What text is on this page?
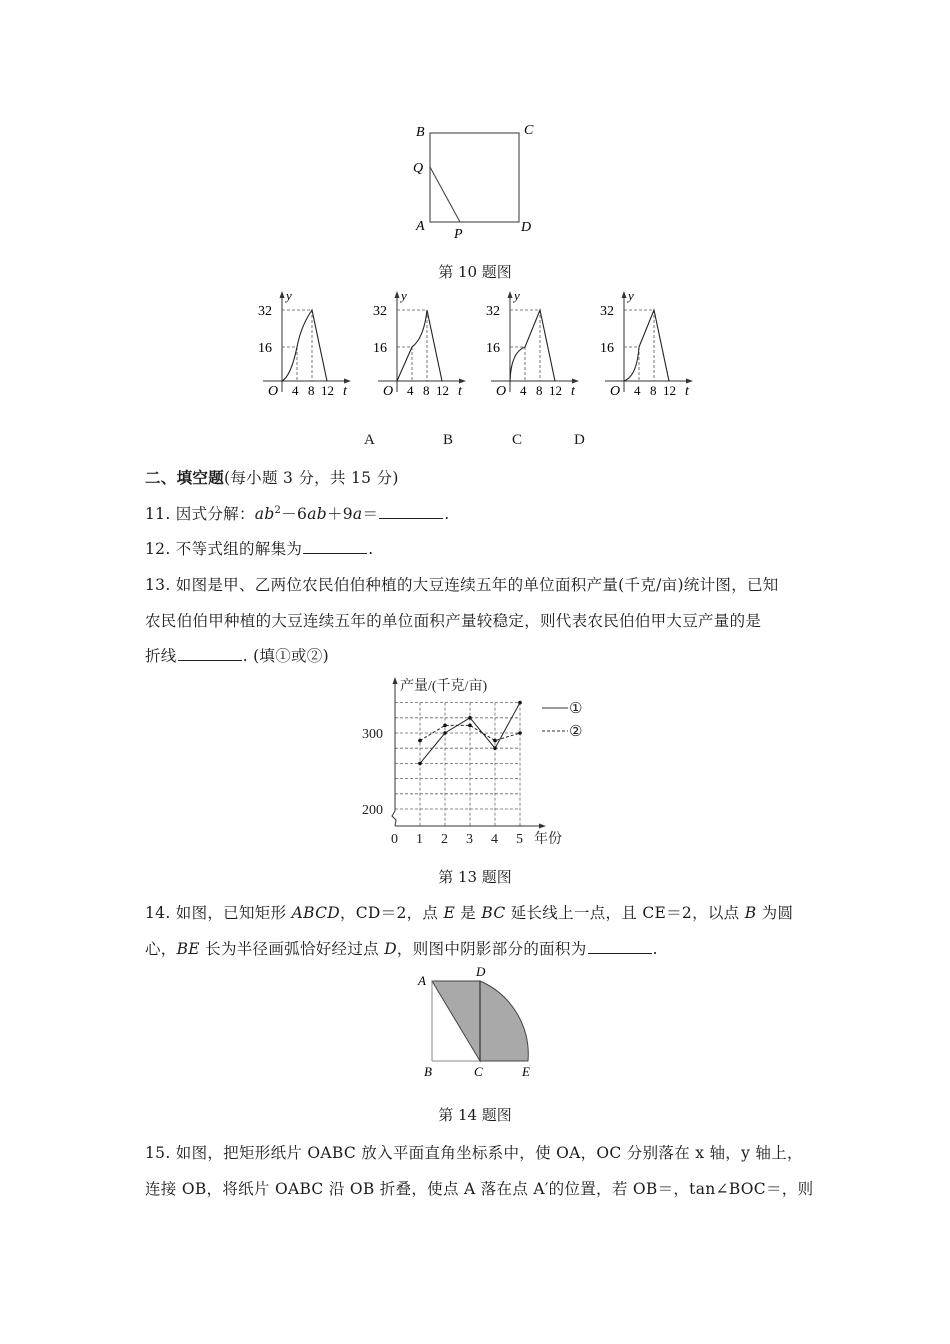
B	C
Q
A
P	D
第 10 题图
A	B	C	D
二、填空题(每小题 3 分，共 15 分)
11. 因式分解：$ab^2-6ab+9a=$	.
12. 不等式组的解集为	.
13. 如图是甲、乙两位农民伯伯种植的大豆连续五年的单位面积产量(千克/亩)统计图，已知
农民伯伯甲种植的大豆连续五年的单位面积产量较稳定，则代表农民伯伯甲大豆产量的是
折线	. (填①或②)
产量/(千克/亩)
300
200
0 1 2 3 4 5 年份
①
②
第 13 题图
14. 如图，已知矩形 ABCD，CD＝2，点 E 是 BC 延长线上一点，且 CE＝2，以点 B 为圆
心，BE 长为半径画弧恰好经过点 D，则图中阴影部分的面积为	.
A
D
B	C	E
第 14 题图
15. 如图，把矩形纸片 OABC 放入平面直角坐标系中，使 OA，OC 分别落在 x 轴，y 轴上，
连接 OB，将纸片 OABC 沿 OB 折叠，使点 A 落在点 A′的位置，若 OB＝，tan∠BOC＝，则
